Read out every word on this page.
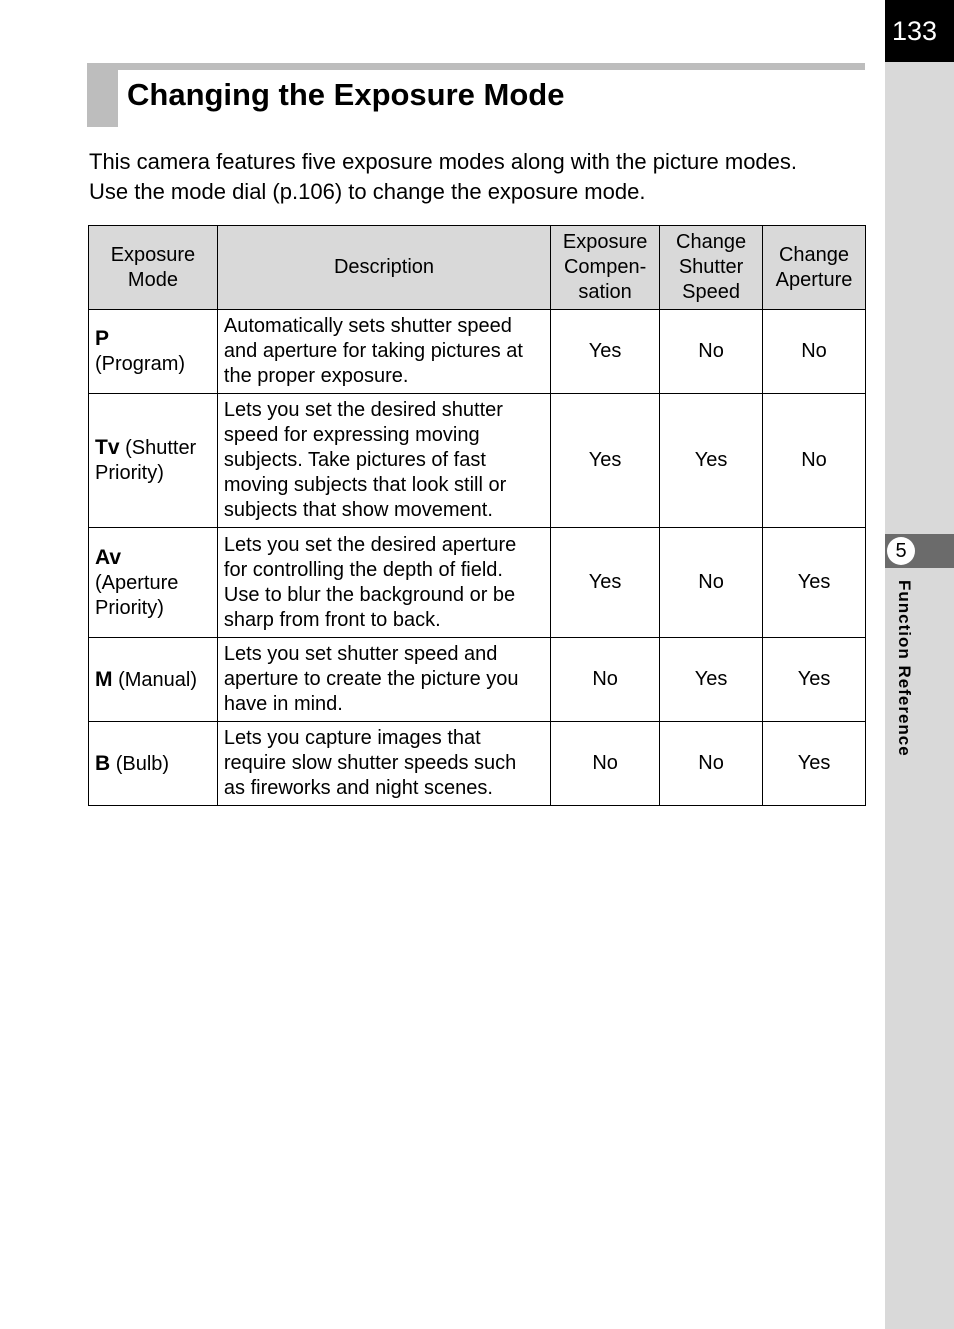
133
5
Function Reference
Changing the Exposure Mode
This camera features five exposure modes along with the picture modes.
Use the mode dial (p.106) to change the exposure mode.
Exposure
Mode	Description	Exposure
Compen-
sation	Change
Shutter
Speed	Change
Aperture
P
(Program)	Automatically sets shutter speed
and aperture for taking pictures at
the proper exposure.	Yes	No	No
Tv (Shutter
Priority)	Lets you set the desired shutter
speed for expressing moving
subjects. Take pictures of fast
moving subjects that look still or
subjects that show movement.	Yes	Yes	No
Av
(Aperture
Priority)	Lets you set the desired aperture
for controlling the depth of field.
Use to blur the background or be
sharp from front to back.	Yes	No	Yes
M (Manual)	Lets you set shutter speed and
aperture to create the picture you
have in mind.	No	Yes	Yes
B (Bulb)	Lets you capture images that
require slow shutter speeds such
as fireworks and night scenes.	No	No	Yes
